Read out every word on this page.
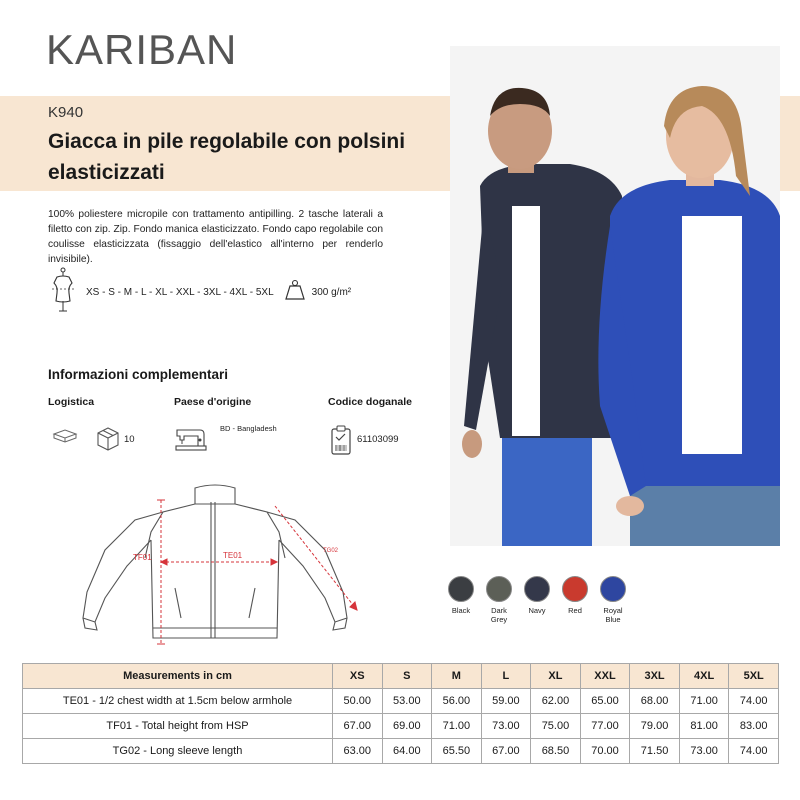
KARIBAN
K940
Giacca in pile regolabile con polsini elasticizzati
100% poliestere micropile con trattamento antipilling. 2 tasche laterali a filetto con zip. Zip. Fondo manica elasticizzato. Fondo capo regolabile con coulisse elasticizzata (fissaggio dell'elastico all'interno per renderlo invisibile).
XS - S - M - L - XL - XXL - 3XL - 4XL - 5XL	300 g/m²
Informazioni complementari
Logistica	Paese d'origine	Codice doganale
10
BD - Bangladesh
61103099
TF01	TE01	TG02
Black	Dark Grey
Navy	Red	Royal Blue
Measurements in cm	XS	S	M	L	XL	XXL	3XL	4XL	5XL
TE01 - 1/2 chest width at 1.5cm below armhole	50.00	53.00	56.00	59.00	62.00	65.00	68.00	71.00	74.00
TF01 - Total height from HSP	67.00	69.00	71.00	73.00	75.00	77.00	79.00	81.00	83.00
TG02 - Long sleeve length	63.00	64.00	65.50	67.00	68.50	70.00	71.50	73.00	74.00
